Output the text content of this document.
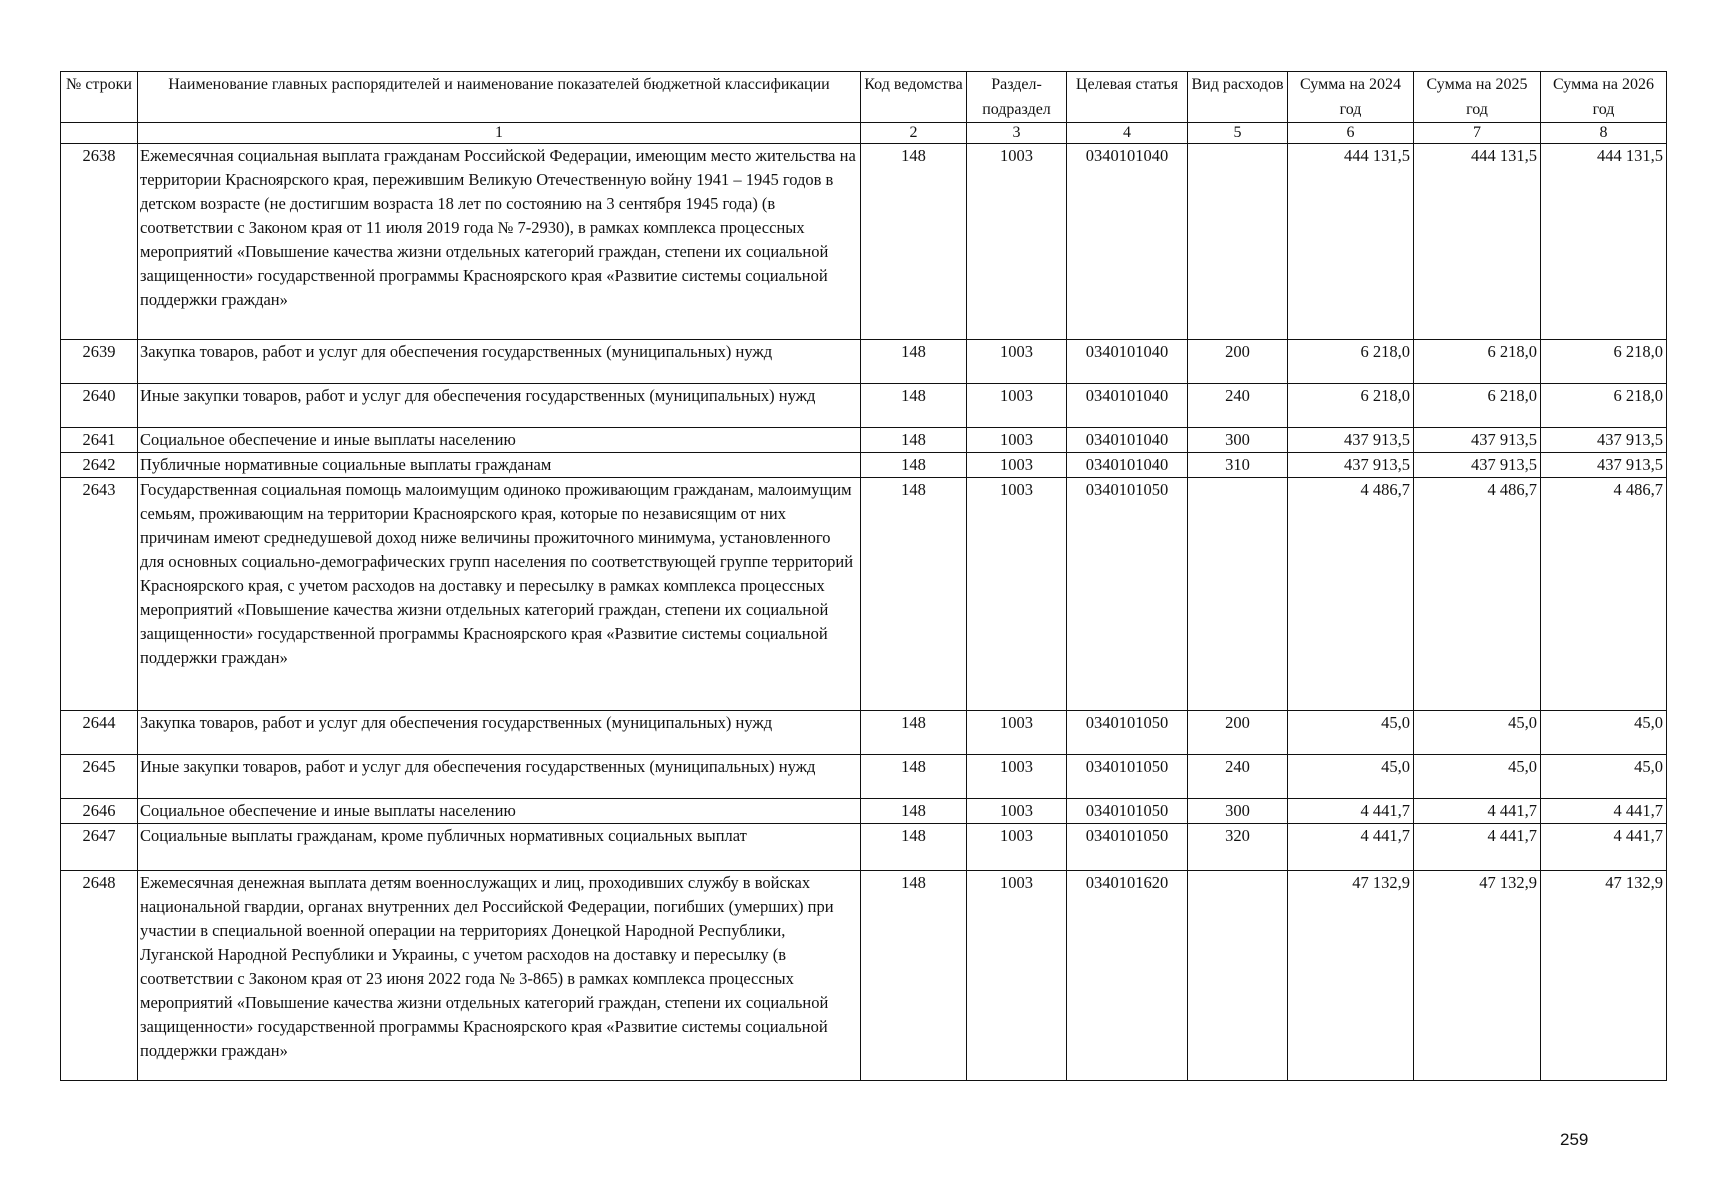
№ строки	Наименование главных распорядителей и наименование показателей бюджетной классификации	Код ведомства	Раздел-подраздел	Целевая статья	Вид расходов	Сумма на 2024 год	Сумма на 2025 год	Сумма на 2026 год
	1	2	3	4	5	6	7	8
2638	Ежемесячная социальная выплата гражданам Российской Федерации, имеющим место жительства на территории Красноярского края, пережившим Великую Отечественную войну 1941 – 1945 годов в детском возрасте (не достигшим возраста 18 лет по состоянию на 3 сентября 1945 года) (в соответствии с Законом края от 11 июля 2019 года № 7-2930), в рамках комплекса процессных мероприятий «Повышение качества жизни отдельных категорий граждан, степени их социальной защищенности» государственной программы Красноярского края «Развитие системы социальной поддержки граждан»	148	1003	0340101040		444 131,5	444 131,5	444 131,5
2639	Закупка товаров, работ и услуг для обеспечения государственных (муниципальных) нужд	148	1003	0340101040	200	6 218,0	6 218,0	6 218,0
2640	Иные закупки товаров, работ и услуг для обеспечения государственных (муниципальных) нужд	148	1003	0340101040	240	6 218,0	6 218,0	6 218,0
2641	Социальное обеспечение и иные выплаты населению	148	1003	0340101040	300	437 913,5	437 913,5	437 913,5
2642	Публичные нормативные социальные выплаты гражданам	148	1003	0340101040	310	437 913,5	437 913,5	437 913,5
2643	Государственная социальная помощь малоимущим одиноко проживающим гражданам, малоимущим семьям, проживающим на территории Красноярского края, которые по независящим от них причинам имеют среднедушевой доход ниже величины прожиточного минимума, установленного для основных социально-демографических групп населения по соответствующей группе территорий Красноярского края, с учетом расходов на доставку и пересылку в рамках комплекса процессных мероприятий «Повышение качества жизни отдельных категорий граждан, степени их социальной защищенности» государственной программы Красноярского края «Развитие системы социальной поддержки граждан»	148	1003	0340101050		4 486,7	4 486,7	4 486,7
2644	Закупка товаров, работ и услуг для обеспечения государственных (муниципальных) нужд	148	1003	0340101050	200	45,0	45,0	45,0
2645	Иные закупки товаров, работ и услуг для обеспечения государственных (муниципальных) нужд	148	1003	0340101050	240	45,0	45,0	45,0
2646	Социальное обеспечение и иные выплаты населению	148	1003	0340101050	300	4 441,7	4 441,7	4 441,7
2647	Социальные выплаты гражданам, кроме публичных нормативных социальных выплат	148	1003	0340101050	320	4 441,7	4 441,7	4 441,7
2648	Ежемесячная денежная выплата детям военнослужащих и лиц, проходивших службу в войсках национальной гвардии, органах внутренних дел Российской Федерации, погибших (умерших) при участии в специальной военной операции на территориях Донецкой Народной Республики, Луганской Народной Республики и Украины, с учетом расходов на доставку и пересылку (в соответствии с Законом края от 23 июня 2022 года № 3-865) в рамках комплекса процессных мероприятий «Повышение качества жизни отдельных категорий граждан, степени их социальной защищенности» государственной программы Красноярского края «Развитие системы социальной поддержки граждан»	148	1003	0340101620		47 132,9	47 132,9	47 132,9
259
